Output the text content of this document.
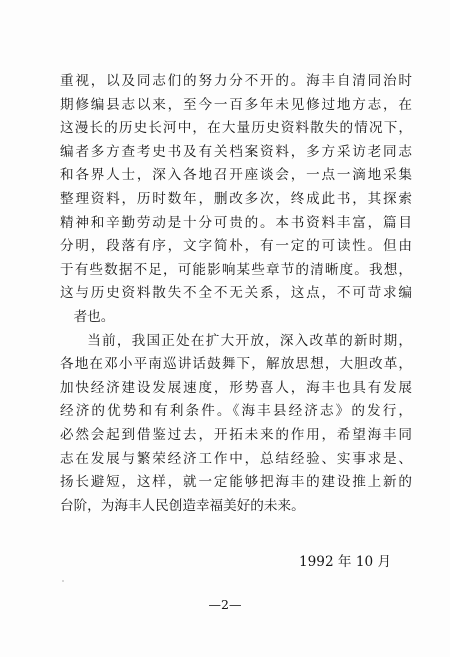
重视，以及同志们的努力分不开的。海丰自清同治时
期修编县志以来，至今一百多年未见修过地方志，在
这漫长的历史长河中，在大量历史资料散失的情况下，
编者多方查考史书及有关档案资料，多方采访老同志
和各界人士，深入各地召开座谈会，一点一滴地采集
整理资料，历时数年，删改多次，终成此书，其探索
精神和辛勤劳动是十分可贵的。本书资料丰富，篇目
分明，段落有序，文字简朴，有一定的可读性。但由
于有些数据不足，可能影响某些章节的清晰度。我想，
这与历史资料散失不全不无关系，这点，不可苛求编
者也。
当前，我国正处在扩大开放，深入改革的新时期，
各地在邓小平南巡讲话鼓舞下，解放思想，大胆改革，
加快经济建设发展速度，形势喜人，海丰也具有发展
经济的优势和有利条件。《海丰县经济志》的发行，
必然会起到借鉴过去，开拓未来的作用，希望海丰同
志在发展与繁荣经济工作中，总结经验、实事求是、
扬长避短，这样，就一定能够把海丰的建设推上新的
台阶，为海丰人民创造幸福美好的未来。
1992 年 10 月
—2—
